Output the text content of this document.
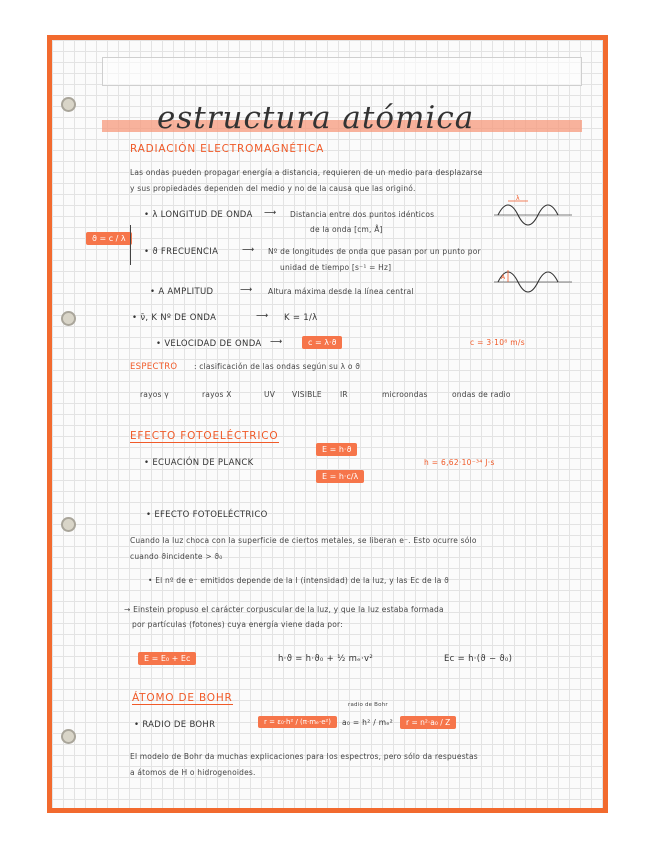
estructura atómica
RADIACIÓN ELECTROMAGNÉTICA
Las ondas pueden propagar energía a distancia, requieren de un medio para desplazarse
y sus propiedades dependen del medio y no de la causa que las originó.
ϑ = c / λ
• λ LONGITUD DE ONDA ⟶ Distancia entre dos puntos idénticos
de la onda [cm, Å]
• ϑ FRECUENCIA	⟶ Nº de longitudes de onda que pasan por un punto por
unidad de tiempo [s⁻¹ = Hz]
• A AMPLITUD	⟶ Altura máxima desde la línea central
• ν̄, K Nº DE ONDA	⟶ K = 1/λ
• VELOCIDAD DE ONDA ⟶	c = λ·ϑ	c = 3·10⁸ m/s
λ
A
ESPECTRO : clasificación de las ondas según su λ o ϑ
rayos γ	rayos X	UV VISIBLE IR	microondas	ondas de radio
EFECTO FOTOELÉCTRICO
• ECUACIÓN DE PLANCK
E = h·ϑ
E = h·c/λ
h = 6,62·10⁻³⁴ J·s
• EFECTO FOTOELÉCTRICO
Cuando la luz choca con la superficie de ciertos metales, se liberan e⁻. Esto ocurre sólo
cuando ϑincidente > ϑ₀
• El nº de e⁻ emitidos depende de la I (intensidad) de la luz, y las Ec de la ϑ
→ Einstein propuso el carácter corpuscular de la luz, y que la luz estaba formada
por partículas (fotones) cuya energía viene dada por:
E = E₀ + Ec	h·ϑ = h·ϑ₀ + ½ mₑ·v²	Ec = h·(ϑ − ϑ₀)
ÁTOMO DE BOHR
• RADIO DE BOHR	r = ε₀·h² / (π·mₑ·e²)
radio de Bohr
a₀ = h² / mₑ²	r = n²·a₀ / Z
El modelo de Bohr da muchas explicaciones para los espectros, pero sólo da respuestas
a átomos de H o hidrogenoides.
